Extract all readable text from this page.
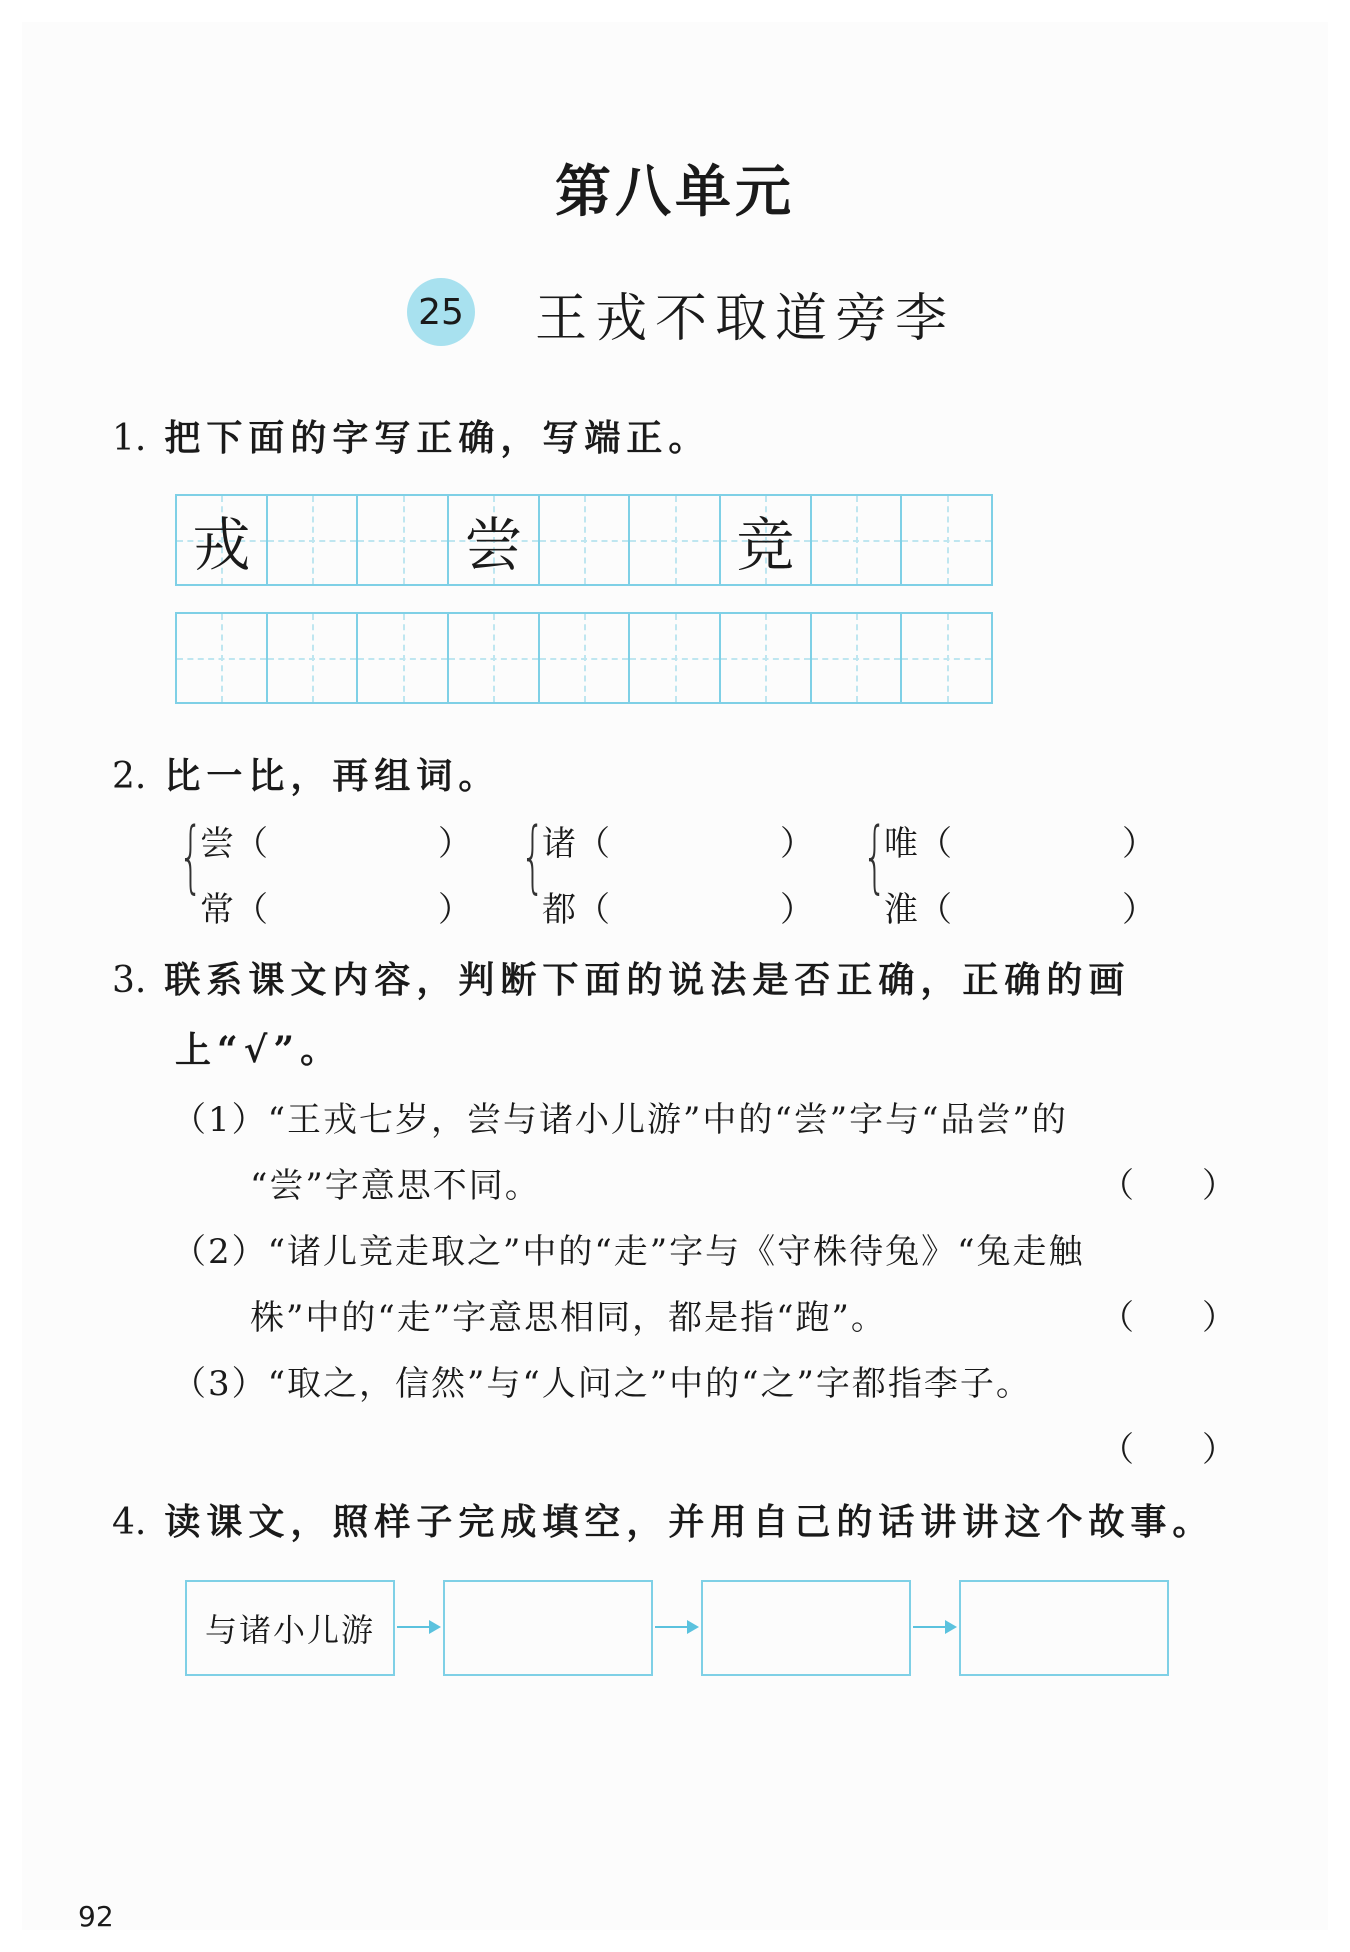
第八单元
25 王戎不取道旁李
1. 把下面的字写正确，写端正。
戎	尝	竞
2. 比一比，再组词。
{
尝（　　　　　）
常（　　　　　）
{
诸（　　　　　）
都（　　　　　）
{
唯（　　　　　）
淮（　　　　　）
3. 联系课文内容，判断下面的说法是否正确，正确的画
上“√”。
（1）“王戎七岁，尝与诸小儿游”中的“尝”字与“品尝”的
“尝”字意思不同。	（　　）
（2）“诸儿竞走取之”中的“走”字与《守株待兔》“兔走触
株”中的“走”字意思相同，都是指“跑”。	（　　）
（3）“取之，信然”与“人问之”中的“之”字都指李子。
（　　）
4. 读课文，照样子完成填空，并用自己的话讲讲这个故事。
与诸小儿游
92
